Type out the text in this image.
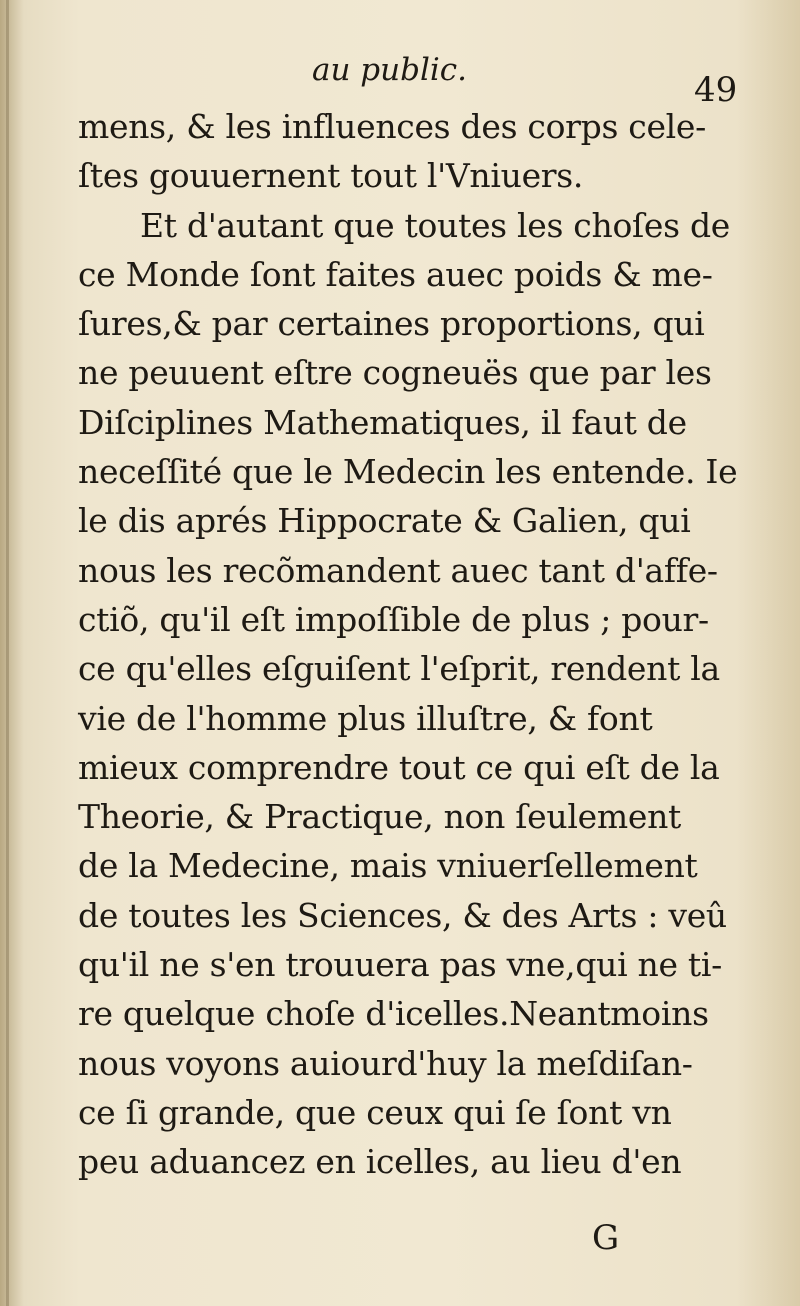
au public.	49
mens, & les influences des corps cele-
ſtes gouuernent tout l'Vniuers.
Et d'autant que toutes les choſes de
ce Monde ſont faites auec poids & me-
ſures,& par certaines proportions, qui
ne peuuent eſtre cogneuës que par les
Diſciplines Mathematiques, il faut de
neceſſité que le Medecin les entende. Ie
le dis aprés Hippocrate & Galien, qui
nous les recõmandent auec tant d'affe-
ctiõ, qu'il eſt impoſſible de plus ; pour-
ce qu'elles eſguiſent l'eſprit, rendent la
vie de l'homme plus illuſtre, & font
mieux comprendre tout ce qui eſt de la
Theorie, & Practique, non ſeulement
de la Medecine, mais vniuerſellement
de toutes les Sciences, & des Arts : veû
qu'il ne s'en trouuera pas vne,qui ne ti-
re quelque choſe d'icelles.Neantmoins
nous voyons auiourd'huy la meſdiſan-
ce ſi grande, que ceux qui ſe ſont vn
peu aduancez en icelles, au lieu d'en
G
